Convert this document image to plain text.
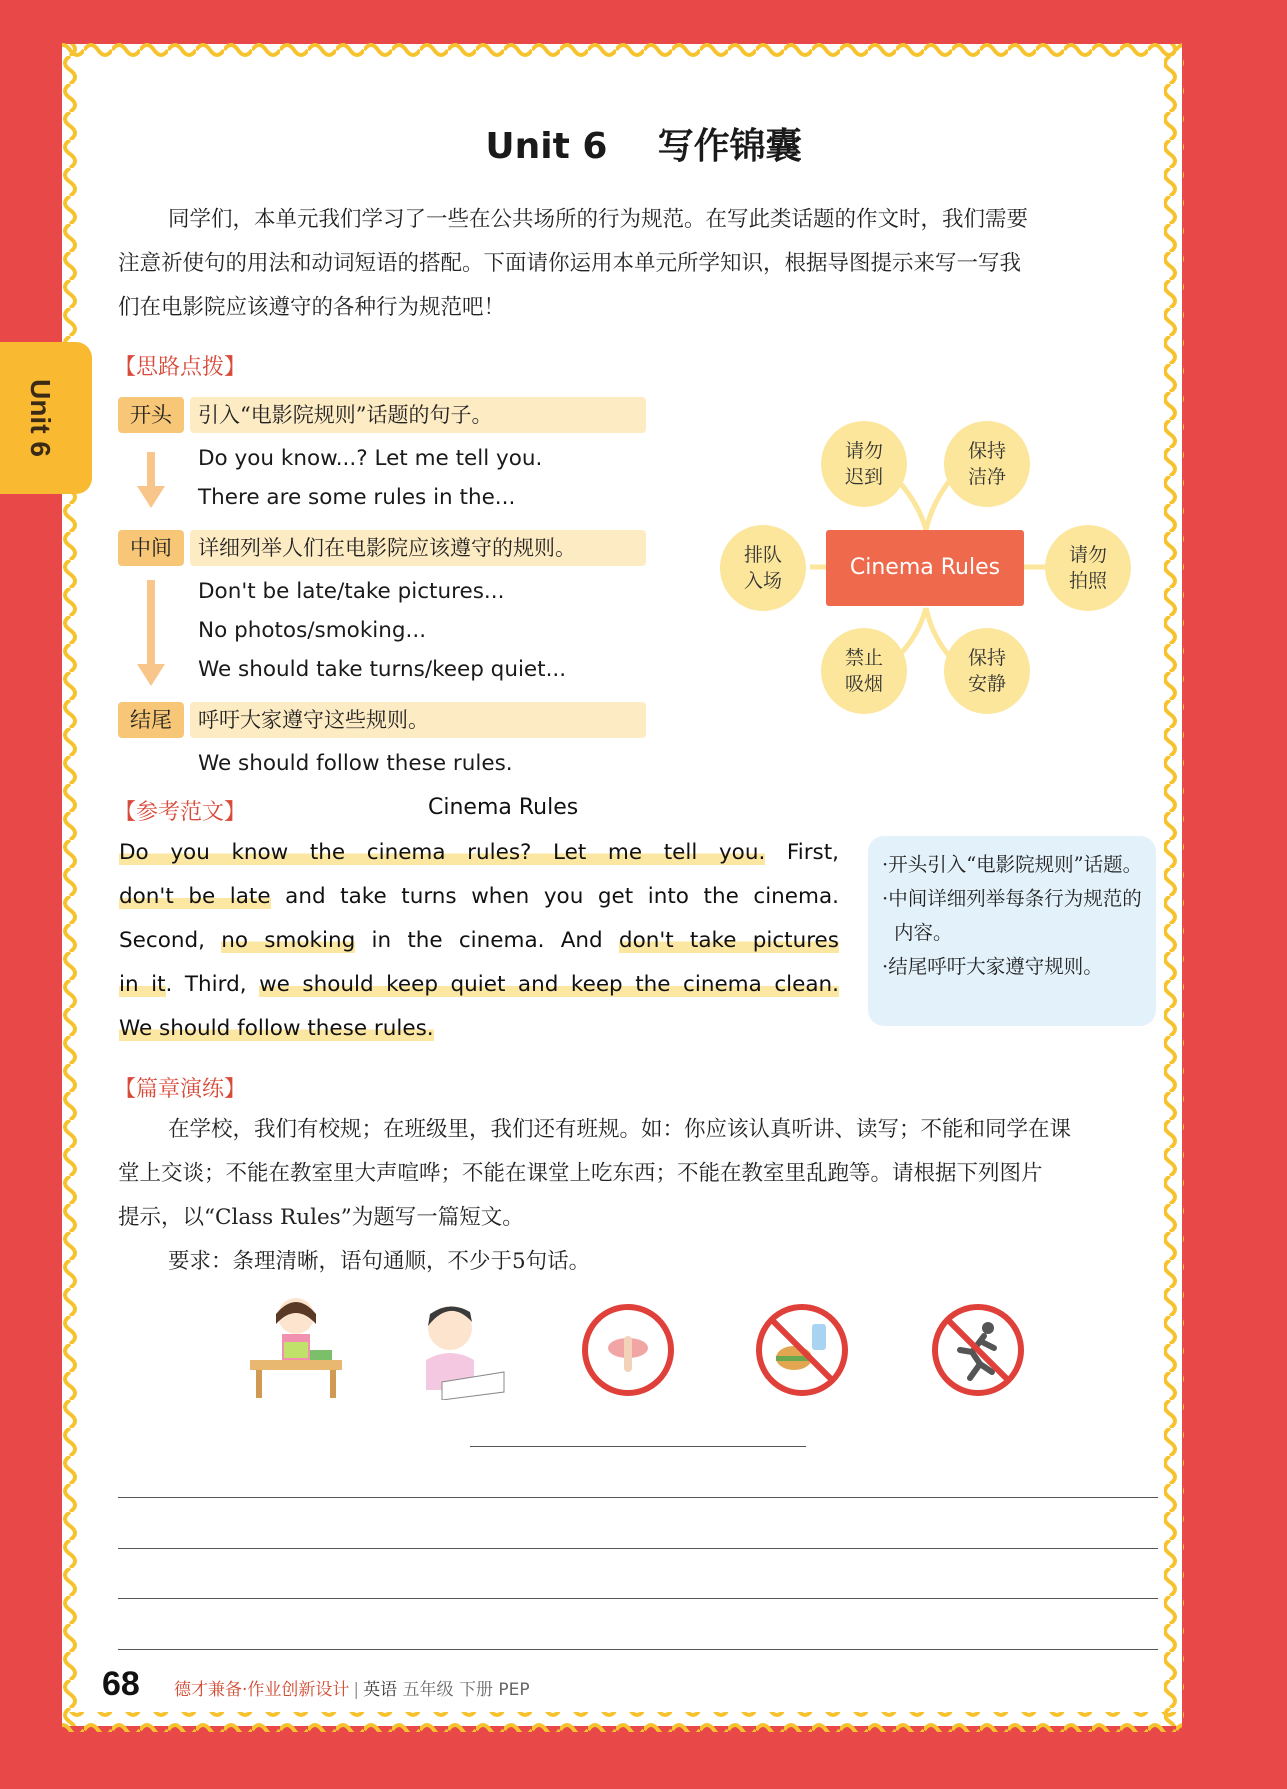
Unit 6
Unit 6 写作锦囊
同学们，本单元我们学习了一些在公共场所的行为规范。在写此类话题的作文时，我们需要
注意祈使句的用法和动词短语的搭配。下面请你运用本单元所学知识，根据导图提示来写一写我
们在电影院应该遵守的各种行为规范吧！
【思路点拨】
开头	引入“电影院规则”话题的句子。
Do you know...? Let me tell you.
There are some rules in the...
中间	详细列举人们在电影院应该遵守的规则。
Don't be late/take pictures...
No photos/smoking...
We should take turns/keep quiet...
结尾	呼吁大家遵守这些规则。
We should follow these rules.
请勿迟到
保持洁净
排队入场
请勿拍照
禁止吸烟
保持安静
Cinema Rules
【参考范文】	Cinema Rules
Do you know the cinema rules? Let me tell you. First,
don't be late and take turns when you get into the cinema.
Second, no smoking in the cinema. And don't take pictures
in it. Third, we should keep quiet and keep the cinema clean.
We should follow these rules.
·开头引入“电影院规则”话题。
·中间详细列举每条行为规范的内容。
·结尾呼吁大家遵守规则。
【篇章演练】
在学校，我们有校规；在班级里，我们还有班规。如：你应该认真听讲、读写；不能和同学在课
堂上交谈；不能在教室里大声喧哗；不能在课堂上吃东西；不能在教室里乱跑等。请根据下列图片
提示，以“Class Rules”为题写一篇短文。
要求：条理清晰，语句通顺，不少于5句话。
68 德才兼备·作业创新设计 | 英语 五年级 下册 PEP
